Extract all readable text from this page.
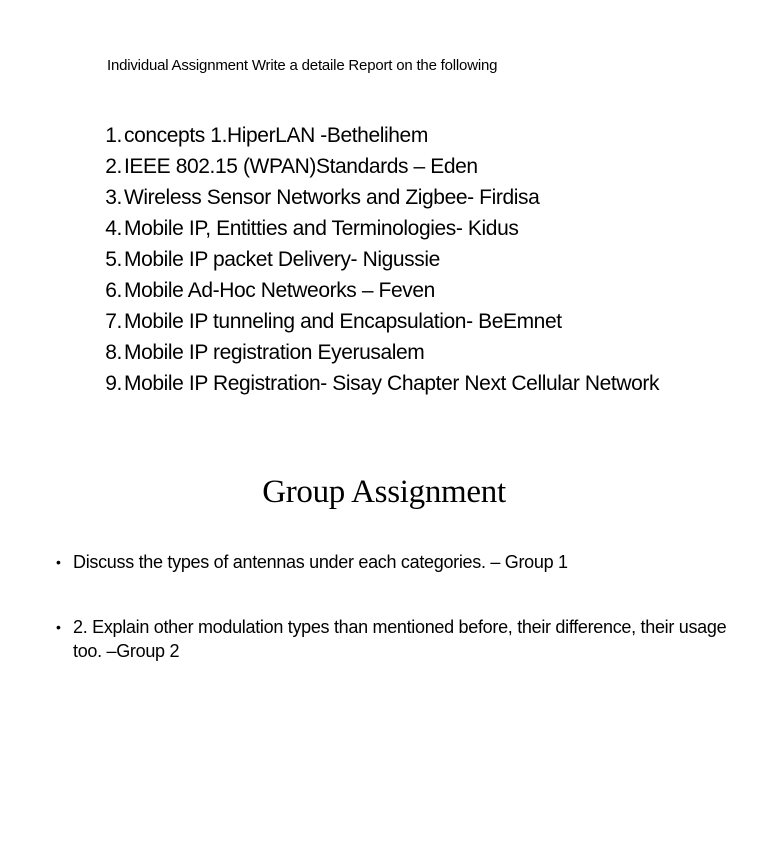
Individual Assignment Write a detaile Report on the following
1. concepts 1.HiperLAN -Bethelihem
2. IEEE 802.15 (WPAN)Standards – Eden
3. Wireless Sensor Networks and Zigbee- Firdisa
4. Mobile IP, Entitties and Terminologies- Kidus
5. Mobile IP packet Delivery- Nigussie
6. Mobile Ad-Hoc Netweorks – Feven
7. Mobile IP tunneling and Encapsulation- BeEmnet
8. Mobile IP registration Eyerusalem
9. Mobile IP Registration- Sisay Chapter Next Cellular Network
Group Assignment
• Discuss the types of antennas under each categories. – Group 1
• 2. Explain other modulation types than mentioned before, their difference, their usage too. –Group 2
